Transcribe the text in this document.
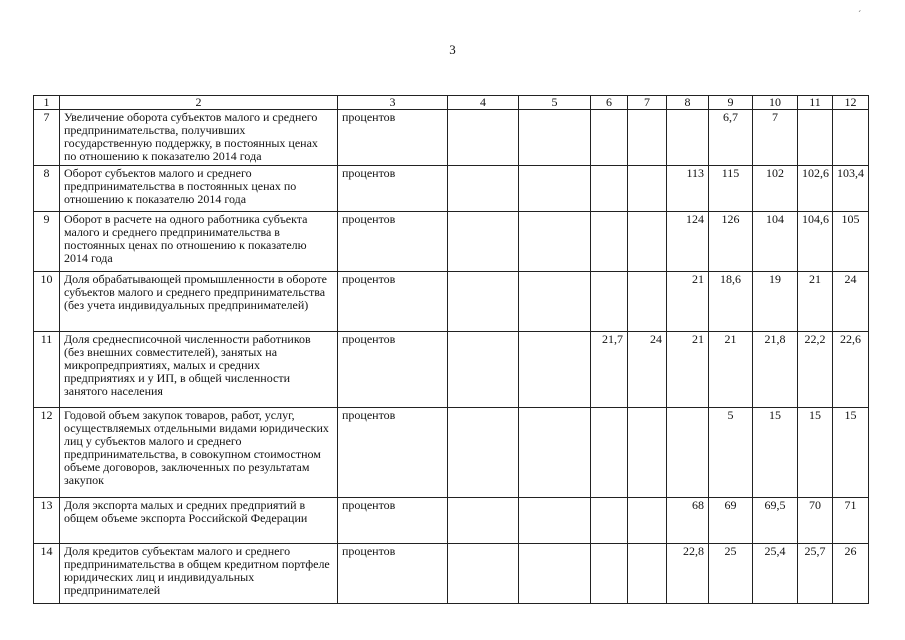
3
1	2	3	4	5	6	7	8	9	10	11	12
7	Увеличение оборота субъектов малого и среднего предпринимательства, получивших государственную поддержку, в постоянных ценах по отношению к показателю 2014 года	процентов						6,7	7		
8	Оборот субъектов малого и среднего предпринимательства в постоянных ценах по отношению к показателю 2014 года	процентов					113	115	102	102,6	103,4
9	Оборот в расчете на одного работника субъекта малого и среднего предпринимательства в постоянных ценах по отношению к показателю 2014 года	процентов					124	126	104	104,6	105
10	Доля обрабатывающей промышленности в обороте субъектов малого и среднего предпринимательства (без учета индивидуальных предпринимателей)	процентов					21	18,6	19	21	24
11	Доля среднесписочной численности работников (без внешних совместителей), занятых на микропредприятиях, малых и средних предприятиях и у ИП, в общей численности занятого населения	процентов			21,7	24	21	21	21,8	22,2	22,6
12	Годовой объем закупок товаров, работ, услуг, осуществляемых отдельными видами юридических лиц у субъектов малого и среднего предпринимательства, в совокупном стоимостном объеме договоров, заключенных по результатам закупок	процентов						5	15	15	15
13	Доля экспорта малых и средних предприятий в общем объеме экспорта Российской Федерации	процентов					68	69	69,5	70	71
14	Доля кредитов субъектам малого и среднего предпринимательства в общем кредитном портфеле юридических лиц и индивидуальных предпринимателей	процентов					22,8	25	25,4	25,7	26
´
